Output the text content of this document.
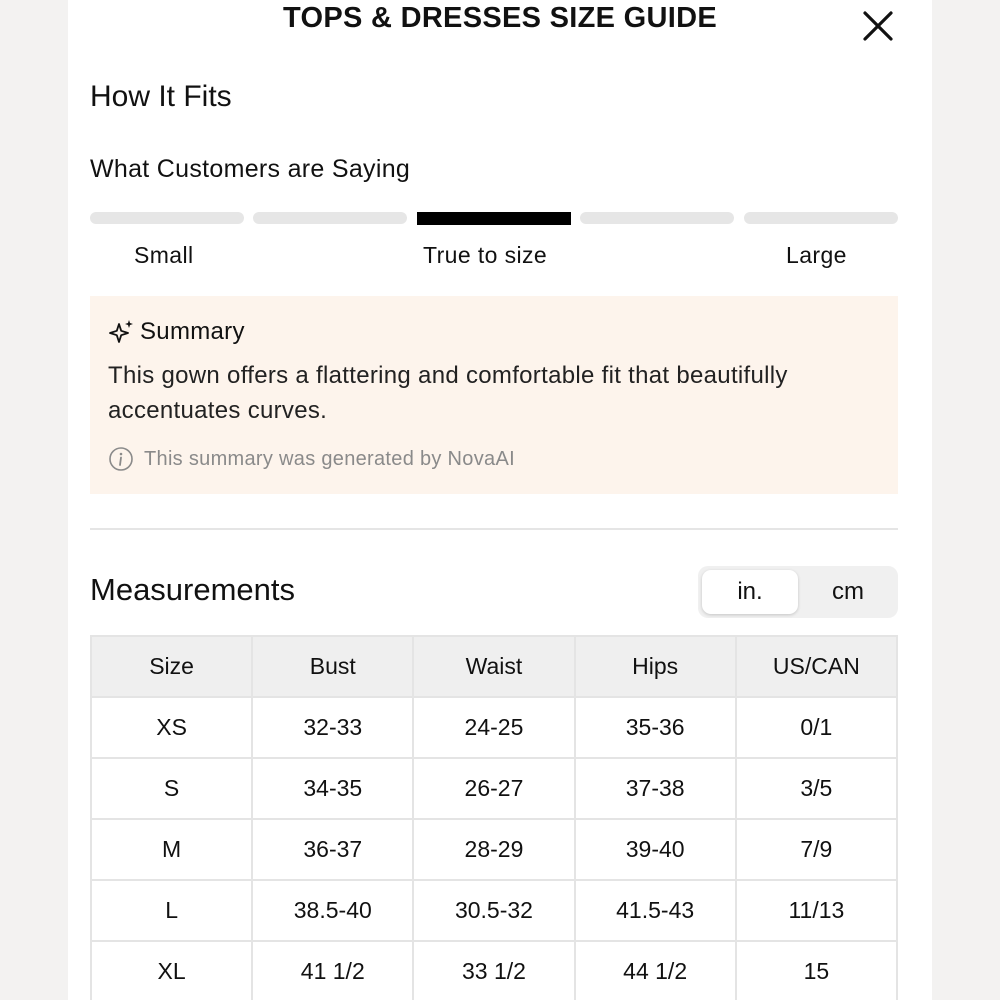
TOPS & DRESSES SIZE GUIDE
How It Fits
What Customers are Saying
Small	True to size	Large
Summary
This gown offers a flattering and comfortable fit that beautifully accentuates curves.
This summary was generated by NovaAI
Measurements	in.	cm
Size	Bust	Waist	Hips	US/CAN
XS	32-33	24-25	35-36	0/1
S	34-35	26-27	37-38	3/5
M	36-37	28-29	39-40	7/9
L	38.5-40	30.5-32	41.5-43	11/13
XL	41 1/2	33 1/2	44 1/2	15
